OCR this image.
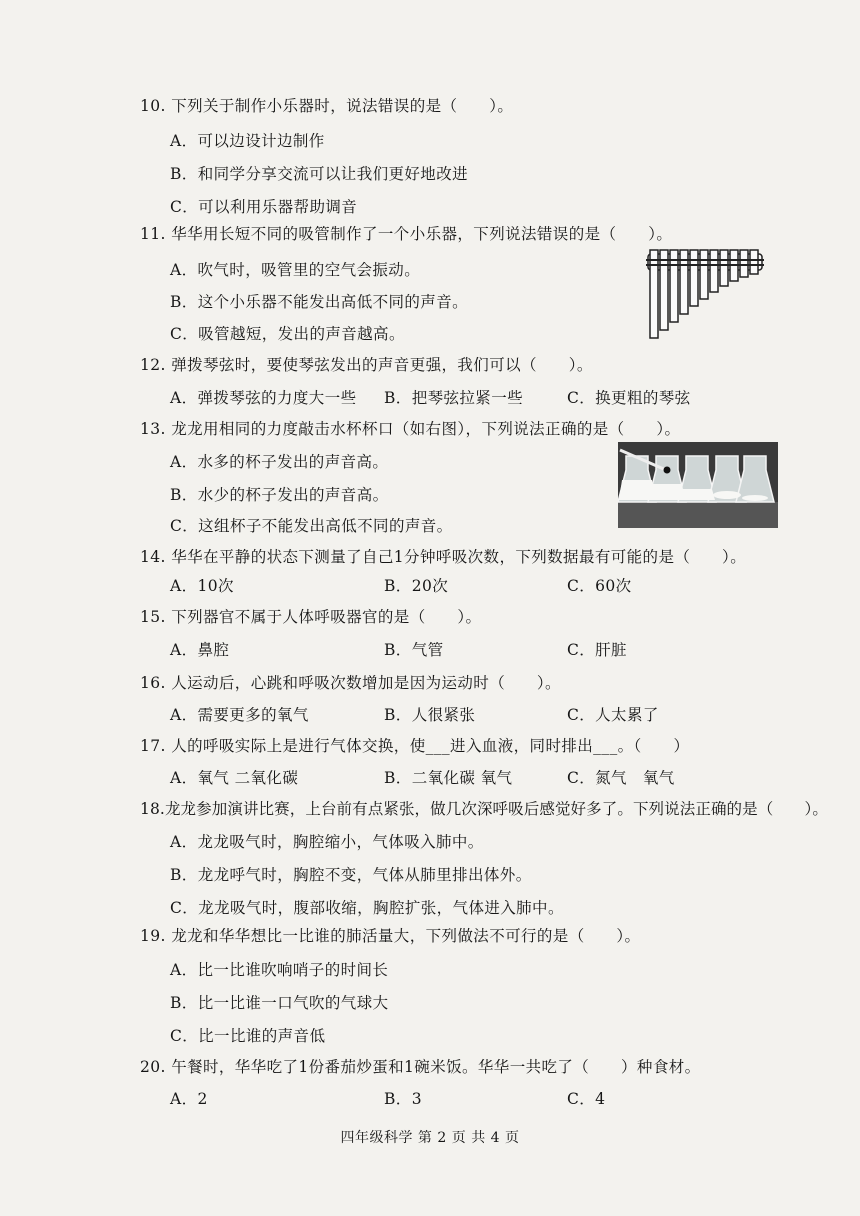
10. 下列关于制作小乐器时，说法错误的是（　　）。
A．可以边设计边制作
B．和同学分享交流可以让我们更好地改进
C．可以利用乐器帮助调音
11. 华华用长短不同的吸管制作了一个小乐器，下列说法错误的是（　　）。
A．吹气时，吸管里的空气会振动。
B．这个小乐器不能发出高低不同的声音。
C．吸管越短，发出的声音越高。
12. 弹拨琴弦时，要使琴弦发出的声音更强，我们可以（　　）。
A．弹拨琴弦的力度大一些 B．把琴弦拉紧一些	C．换更粗的琴弦
13. 龙龙用相同的力度敲击水杯杯口（如右图），下列说法正确的是（　　）。
A．水多的杯子发出的声音高。
B．水少的杯子发出的声音高。
C．这组杯子不能发出高低不同的声音。
14. 华华在平静的状态下测量了自己1分钟呼吸次数，下列数据最有可能的是（　　）。
A．10次	B．20次	C．60次
15. 下列器官不属于人体呼吸器官的是（　　）。
A．鼻腔	B．气管	C．肝脏
16. 人运动后，心跳和呼吸次数增加是因为运动时（　　）。
A．需要更多的氧气	B．人很紧张	C．人太累了
17. 人的呼吸实际上是进行气体交换，使___进入血液，同时排出___。（　　）
A．氧气 二氧化碳	B．二氧化碳 氧气	C．氮气　氧气
18.龙龙参加演讲比赛，上台前有点紧张，做几次深呼吸后感觉好多了。下列说法正确的是（　　）。
A．龙龙吸气时，胸腔缩小，气体吸入肺中。
B．龙龙呼气时，胸腔不变，气体从肺里排出体外。
C．龙龙吸气时，腹部收缩，胸腔扩张，气体进入肺中。
19. 龙龙和华华想比一比谁的肺活量大，下列做法不可行的是（　　）。
A．比一比谁吹响哨子的时间长
B．比一比谁一口气吹的气球大
C．比一比谁的声音低
20. 午餐时，华华吃了1份番茄炒蛋和1碗米饭。华华一共吃了（　　）种食材。
A．2	B．3	C．4
四年级科学 第 2 页 共 4 页
